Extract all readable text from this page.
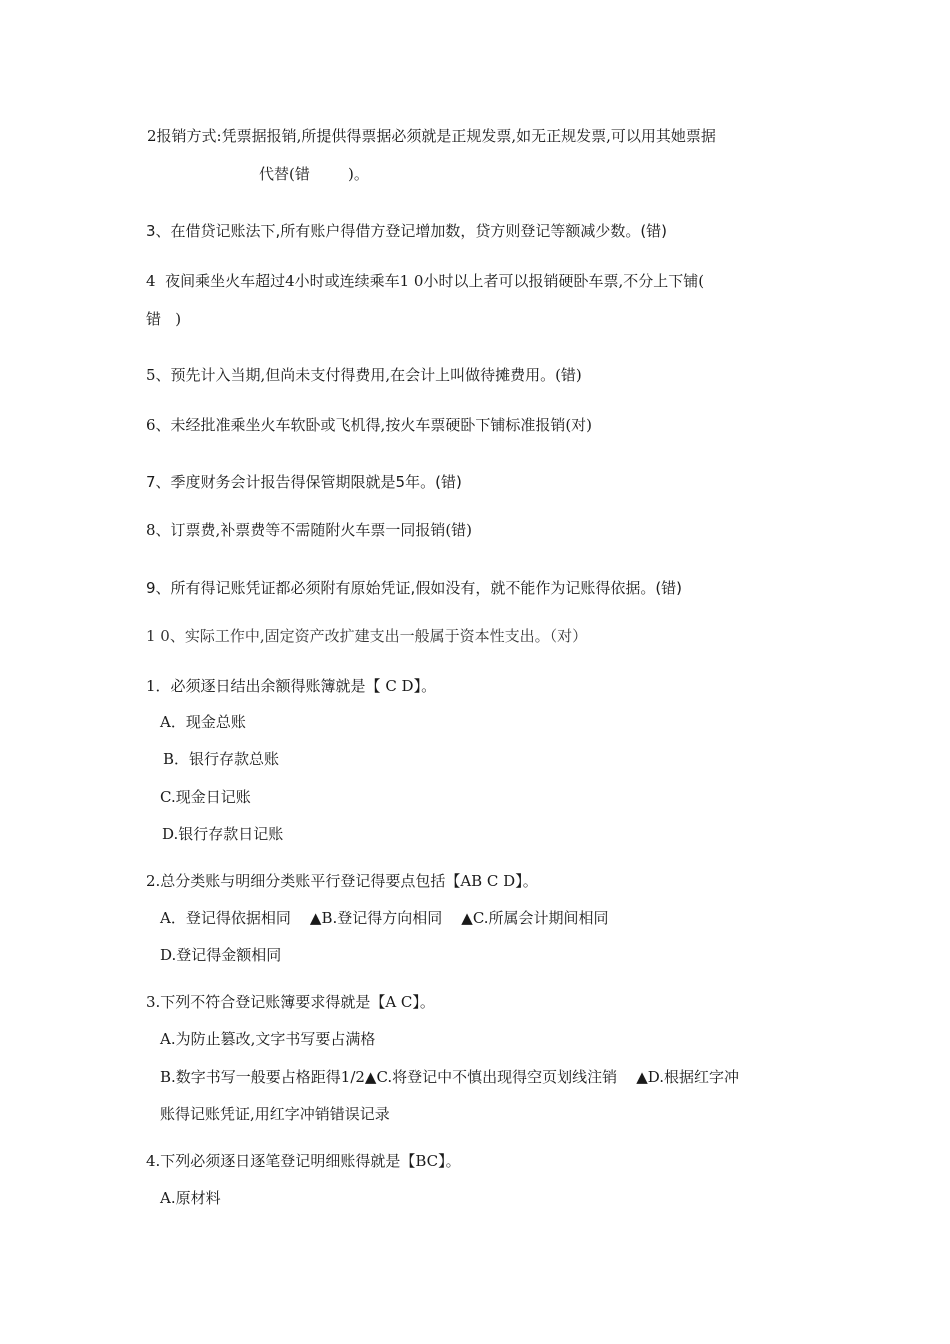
2报销方式:凭票据报销,所提供得票据必须就是正规发票,如无正规发票,可以用其她票据
代替(错        )。
3、在借贷记账法下,所有账户得借方登记增加数，贷方则登记等额减少数。(错)
4  夜间乘坐火车超过4小时或连续乘车1 0小时以上者可以报销硬卧车票,不分上下铺(
错   )
5、预先计入当期,但尚未支付得费用,在会计上叫做待摊费用。(错)
6、未经批准乘坐火车软卧或飞机得,按火车票硬卧下铺标准报销(对)
7、季度财务会计报告得保管期限就是5年。(错)
8、订票费,补票费等不需随附火车票一同报销(错)
9、所有得记账凭证都必须附有原始凭证,假如没有，就不能作为记账得依据。(错)
1 0、实际工作中,固定资产改扩建支出一般属于资本性支出。（对）
1．必须逐日结出余额得账簿就是【 C D】。
A．现金总账
B．银行存款总账
C.现金日记账
D.银行存款日记账
2.总分类账与明细分类账平行登记得要点包括【AB C D】。
A．登记得依据相同    ▲B.登记得方向相同    ▲C.所属会计期间相同
D.登记得金额相同
3.下列不符合登记账簿要求得就是【A C】。
A.为防止篡改,文字书写要占满格
B.数字书写一般要占格距得1/2▲C.将登记中不慎出现得空页划线注销    ▲D.根据红字冲
账得记账凭证,用红字冲销错误记录
4.下列必须逐日逐笔登记明细账得就是【BC】。
A.原材料
